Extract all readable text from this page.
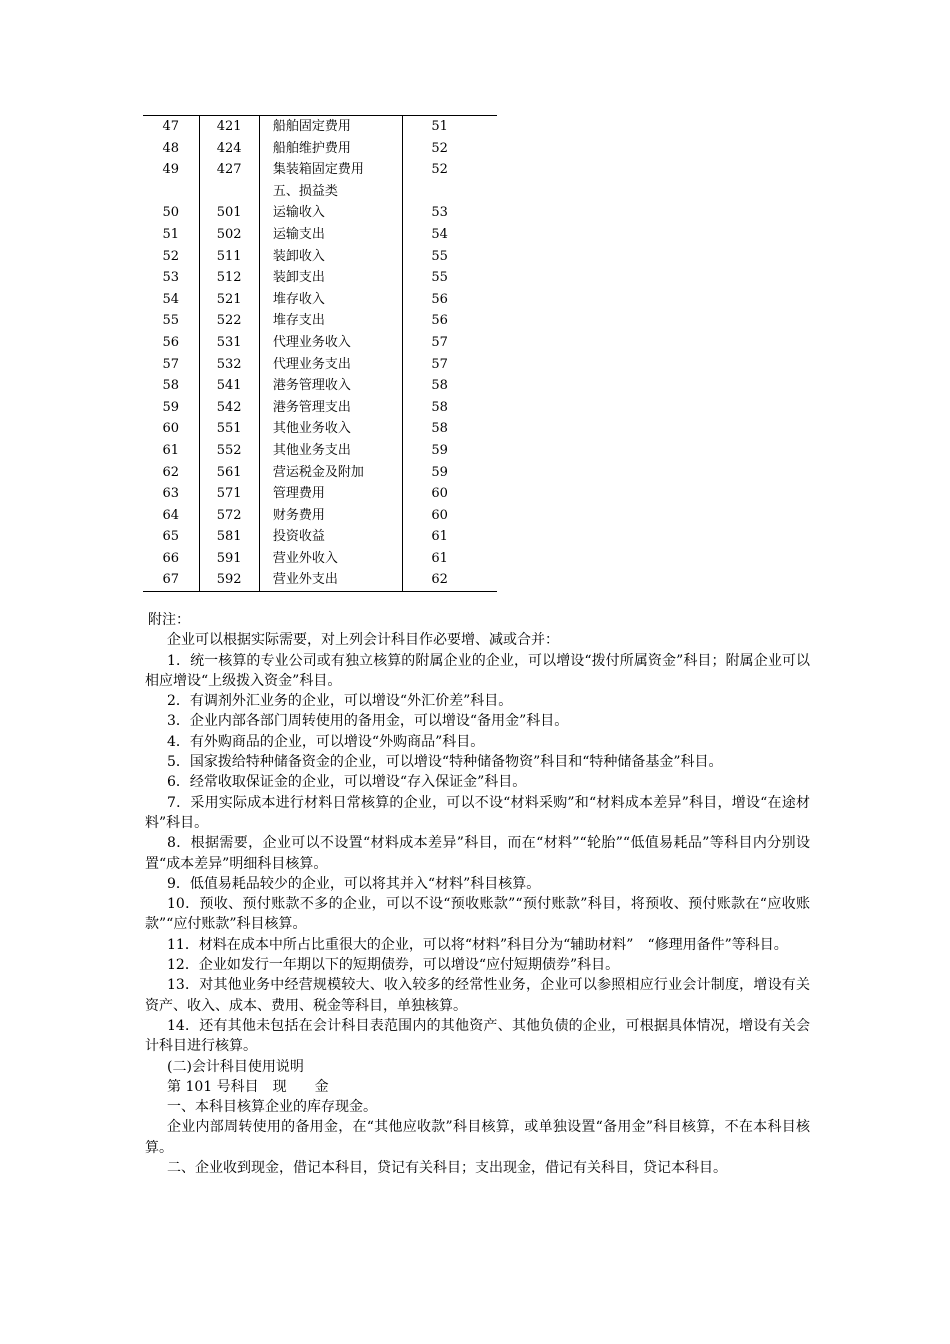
47	421	船舶固定费用	51
48	424	船舶维护费用	52
49	427	集装箱固定费用	52
		五、损益类	
50	501	运输收入	53
51	502	运输支出	54
52	511	装卸收入	55
53	512	装卸支出	55
54	521	堆存收入	56
55	522	堆存支出	56
56	531	代理业务收入	57
57	532	代理业务支出	57
58	541	港务管理收入	58
59	542	港务管理支出	58
60	551	其他业务收入	58
61	552	其他业务支出	59
62	561	营运税金及附加	59
63	571	管理费用	60
64	572	财务费用	60
65	581	投资收益	61
66	591	营业外收入	61
67	592	营业外支出	62

附注：

企业可以根据实际需要，对上列会计科目作必要增、减或合并：

1．统一核算的专业公司或有独立核算的附属企业的企业，可以增设“拨付所属资金”科目；附属企业可以相应增设“上级拨入资金”科目。

2．有调剂外汇业务的企业，可以增设“外汇价差”科目。

3．企业内部各部门周转使用的备用金，可以增设“备用金”科目。

4．有外购商品的企业，可以增设“外购商品”科目。

5．国家拨给特种储备资金的企业，可以增设“特种储备物资”科目和“特种储备基金”科目。

6．经常收取保证金的企业，可以增设“存入保证金”科目。

7．采用实际成本进行材料日常核算的企业，可以不设“材料采购”和“材料成本差异”科目，增设“在途材料”科目。

8．根据需要，企业可以不设置“材料成本差异”科目，而在“材料”“轮胎”“低值易耗品”等科目内分别设置“成本差异”明细科目核算。

9．低值易耗品较少的企业，可以将其并入“材料”科目核算。

10．预收、预付账款不多的企业，可以不设“预收账款”“预付账款”科目，将预收、预付账款在“应收账款”“应付账款”科目核算。

11．材料在成本中所占比重很大的企业，可以将“材料”科目分为“辅助材料”　“修理用备件”等科目。

12．企业如发行一年期以下的短期债券，可以增设“应付短期债券”科目。

13．对其他业务中经营规模较大、收入较多的经常性业务，企业可以参照相应行业会计制度，增设有关资产、收入、成本、费用、税金等科目，单独核算。

14．还有其他未包括在会计科目表范围内的其他资产、其他负债的企业，可根据具体情况，增设有关会计科目进行核算。

(二)会计科目使用说明

第 101 号科目　现　　金

一、本科目核算企业的库存现金。

企业内部周转使用的备用金，在“其他应收款”科目核算，或单独设置“备用金”科目核算，不在本科目核算。

二、企业收到现金，借记本科目，贷记有关科目；支出现金，借记有关科目，贷记本科目。
